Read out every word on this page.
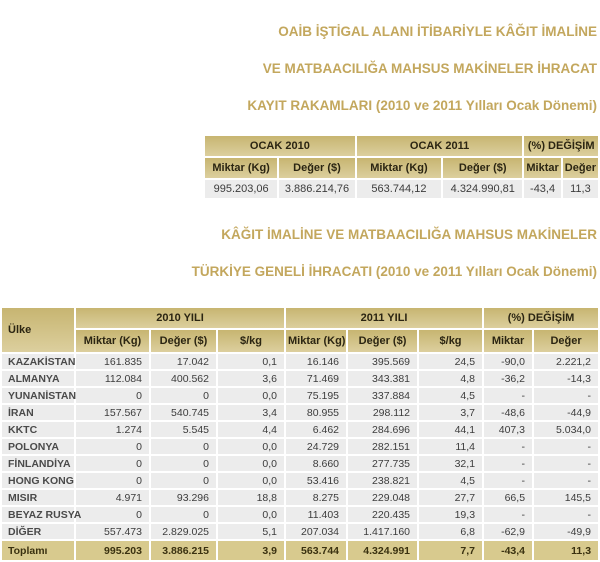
OAİB İŞTİGAL ALANI İTİBARİYLE KÂĞIT İMALİNE

VE MATBAACILIĞA MAHSUS MAKİNELER İHRACAT

KAYIT RAKAMLARI (2010 ve 2011 Yılları Ocak Dönemi)

OCAK 2010		OCAK 2011		(%) DEĞİŞİM	
Miktar (Kg)	Değer ($)	Miktar (Kg)	Değer ($)	Miktar	Değer
995.203,06	3.886.214,76	563.744,12	4.324.990,81	-43,4	11,3

KÂĞIT İMALİNE VE MATBAACILIĞA MAHSUS MAKİNELER

TÜRKİYE GENELİ İHRACATI (2010 ve 2011 Yılları Ocak Dönemi)

Ülke	2010 YILI			2011 YILI			(%) DEĞİŞİM	
	Miktar (Kg)	Değer ($)	$/kg	Miktar (Kg)	Değer ($)	$/kg	Miktar	Değer
KAZAKİSTAN	161.835	17.042	0,1	16.146	395.569	24,5	-90,0	2.221,2
ALMANYA	112.084	400.562	3,6	71.469	343.381	4,8	-36,2	-14,3
YUNANİSTAN	0	0	0,0	75.195	337.884	4,5	-	-
İRAN	157.567	540.745	3,4	80.955	298.112	3,7	-48,6	-44,9
KKTC	1.274	5.545	4,4	6.462	284.696	44,1	407,3	5.034,0
POLONYA	0	0	0,0	24.729	282.151	11,4	-	-
FİNLANDİYA	0	0	0,0	8.660	277.735	32,1	-	-
HONG KONG	0	0	0,0	53.416	238.821	4,5	-	-
MISIR	4.971	93.296	18,8	8.275	229.048	27,7	66,5	145,5
BEYAZ RUSYA	0	0	0,0	11.403	220.435	19,3	-	-
DİĞER	557.473	2.829.025	5,1	207.034	1.417.160	6,8	-62,9	-49,9
Toplamı	995.203	3.886.215	3,9	563.744	4.324.991	7,7	-43,4	11,3
